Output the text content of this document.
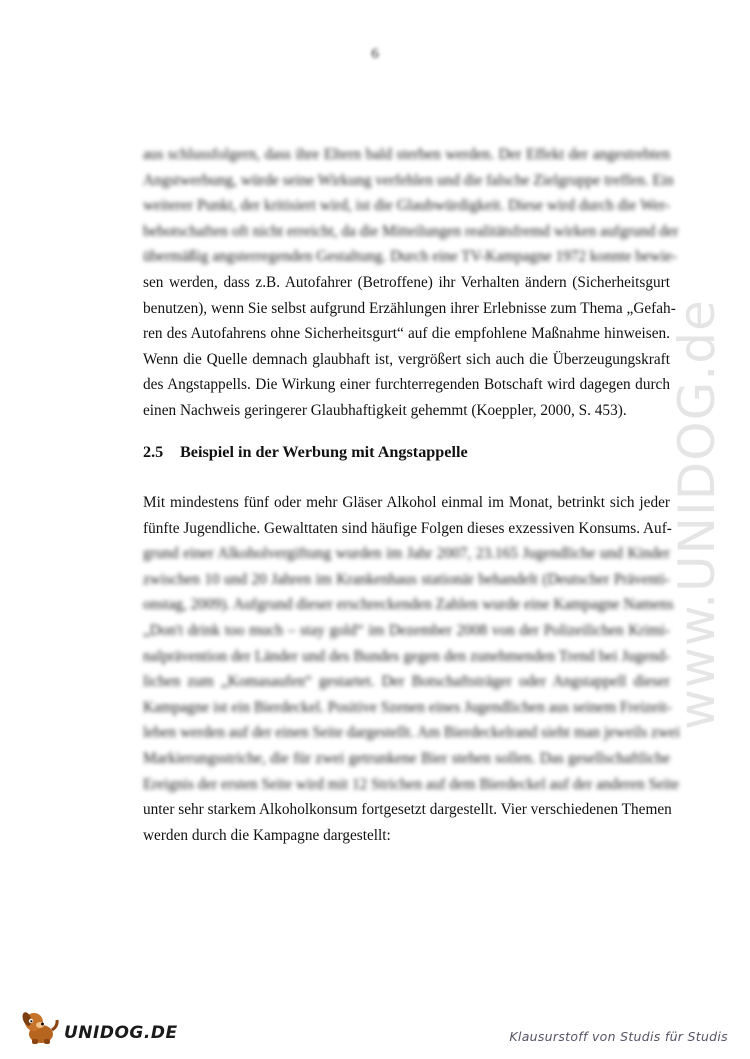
6
aus schlussfolgern, dass ihre Eltern bald sterben werden. Der Effekt der angestrebten
Angstwerbung, würde seine Wirkung verfehlen und die falsche Zielgruppe treffen. Ein
weiterer Punkt, der kritisiert wird, ist die Glaubwürdigkeit. Diese wird durch die Wer-
bebotschaften oft nicht erreicht, da die Mitteilungen realitätsfremd wirken aufgrund der
übermäßig angsterregenden Gestaltung. Durch eine TV-Kampagne 1972 konnte bewie-
sen werden, dass z.B. Autofahrer (Betroffene) ihr Verhalten ändern (Sicherheitsgurt
benutzen), wenn Sie selbst aufgrund Erzählungen ihrer Erlebnisse zum Thema „Gefah-
ren des Autofahrens ohne Sicherheitsgurt“ auf die empfohlene Maßnahme hinweisen.
Wenn die Quelle demnach glaubhaft ist, vergrößert sich auch die Überzeugungskraft
des Angstappells. Die Wirkung einer furchterregenden Botschaft wird dagegen durch
einen Nachweis geringerer Glaubhaftigkeit gehemmt (Koeppler, 2000, S. 453).
2.5 Beispiel in der Werbung mit Angstappelle
Mit mindestens fünf oder mehr Gläser Alkohol einmal im Monat, betrinkt sich jeder
fünfte Jugendliche. Gewalttaten sind häufige Folgen dieses exzessiven Konsums. Auf-
grund einer Alkoholvergiftung wurden im Jahr 2007, 23.165 Jugendliche und Kinder
zwischen 10 und 20 Jahren im Krankenhaus stationär behandelt (Deutscher Präventi-
onstag, 2009). Aufgrund dieser erschreckenden Zahlen wurde eine Kampagne Namens
„Don't drink too much – stay gold“ im Dezember 2008 von der Polizeilichen Krimi-
nalprävention der Länder und des Bundes gegen den zunehmenden Trend bei Jugend-
lichen zum „Komasaufen“ gestartet. Der Botschaftsträger oder Angstappell dieser
Kampagne ist ein Bierdeckel. Positive Szenen eines Jugendlichen aus seinem Freizeit-
leben werden auf der einen Seite dargestellt. Am Bierdeckelrand sieht man jeweils zwei
Markierungsstriche, die für zwei getrunkene Bier stehen sollen. Das gesellschaftliche
Ereignis der ersten Seite wird mit 12 Strichen auf dem Bierdeckel auf der anderen Seite
unter sehr starkem Alkoholkonsum fortgesetzt dargestellt. Vier verschiedenen Themen
werden durch die Kampagne dargestellt:
www.UNIDOG.de
UNIDOG.DE	Klausurstoff von Studis für Studis
